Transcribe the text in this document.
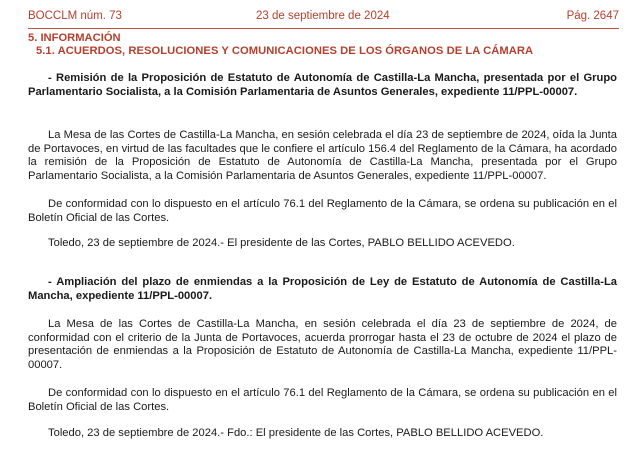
BOCCLM núm. 73	23 de septiembre de 2024	Pág. 2647
5. INFORMACIÓN
5.1. ACUERDOS, RESOLUCIONES Y COMUNICACIONES DE LOS ÓRGANOS DE LA CÁMARA
- Remisión de la Proposición de Estatuto de Autonomía de Castilla-La Mancha, presentada por el Grupo Parlamentario Socialista, a la Comisión Parlamentaria de Asuntos Generales, expediente 11/PPL-00007.
La Mesa de las Cortes de Castilla-La Mancha, en sesión celebrada el día 23 de septiembre de 2024, oída la Junta de Portavoces, en virtud de las facultades que le confiere el artículo 156.4 del Reglamento de la Cámara, ha acordado la remisión de la Proposición de Estatuto de Autonomía de Castilla-La Mancha, presentada por el Grupo Parlamentario Socialista, a la Comisión Parlamentaria de Asuntos Generales, expediente 11/PPL-00007.
De conformidad con lo dispuesto en el artículo 76.1 del Reglamento de la Cámara, se ordena su publicación en el Boletín Oficial de las Cortes.
Toledo, 23 de septiembre de 2024.- El presidente de las Cortes, PABLO BELLIDO ACEVEDO.
- Ampliación del plazo de enmiendas a la Proposición de Ley de Estatuto de Autonomía de Castilla-La Mancha, expediente 11/PPL-00007.
La Mesa de las Cortes de Castilla-La Mancha, en sesión celebrada el día 23 de septiembre de 2024, de conformidad con el criterio de la Junta de Portavoces, acuerda prorrogar hasta el 23 de octubre de 2024 el plazo de presentación de enmiendas a la Proposición de Estatuto de Autonomía de Castilla-La Mancha, expediente 11/PPL-00007.
De conformidad con lo dispuesto en el artículo 76.1 del Reglamento de la Cámara, se ordena su publicación en el Boletín Oficial de las Cortes.
Toledo, 23 de septiembre de 2024.- Fdo.: El presidente de las Cortes, PABLO BELLIDO ACEVEDO.
